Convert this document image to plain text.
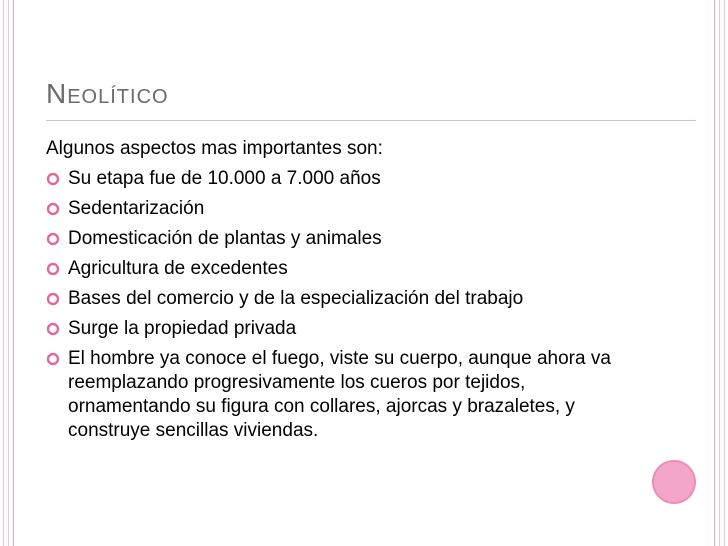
Neolítico

Algunos aspectos mas importantes son:

Su etapa fue de 10.000 a 7.000 años
Sedentarización
Domesticación de plantas y animales
Agricultura de excedentes
Bases del comercio y de la especialización del trabajo
Surge la propiedad privada
El hombre ya conoce el fuego, viste su cuerpo, aunque ahora va reemplazando progresivamente los cueros por tejidos, ornamentando su figura con collares, ajorcas y brazaletes, y construye sencillas viviendas.
